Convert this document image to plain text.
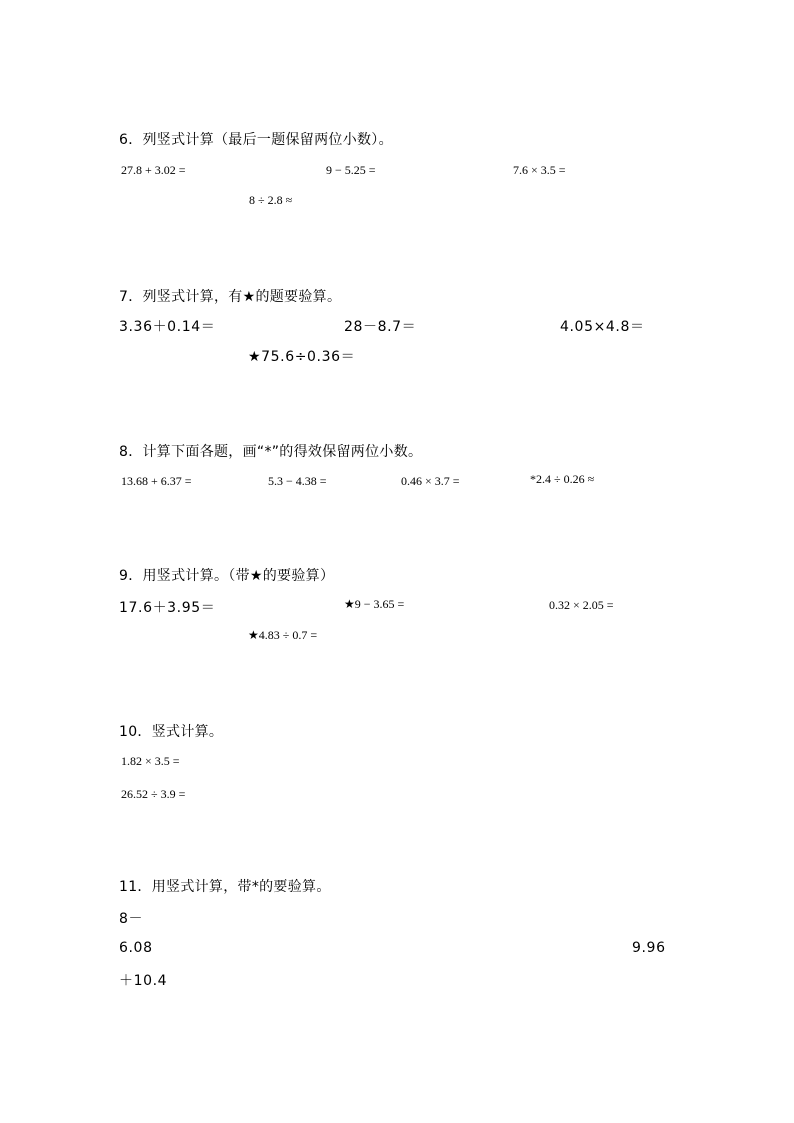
6．列竖式计算（最后一题保留两位小数）。
27.8 + 3.02 =	9 − 5.25 =	7.6 × 3.5 =
8 ÷ 2.8 ≈
7．列竖式计算，有★的题要验算。
3.36＋0.14＝	28－8.7＝	4.05×4.8＝
★75.6÷0.36＝
8．计算下面各题，画“*”的得效保留两位小数。
13.68 + 6.37 =	5.3 − 4.38 =	0.46 × 3.7 =	*2.4 ÷ 0.26 ≈
9．用竖式计算。（带★的要验算）
17.6＋3.95＝	★9 − 3.65 =	0.32 × 2.05 =
★4.83 ÷ 0.7 =
10．竖式计算。
1.82 × 3.5 =
26.52 ÷ 3.9 =
11．用竖式计算，带*的要验算。
8－
6.08	9.96
＋10.4
